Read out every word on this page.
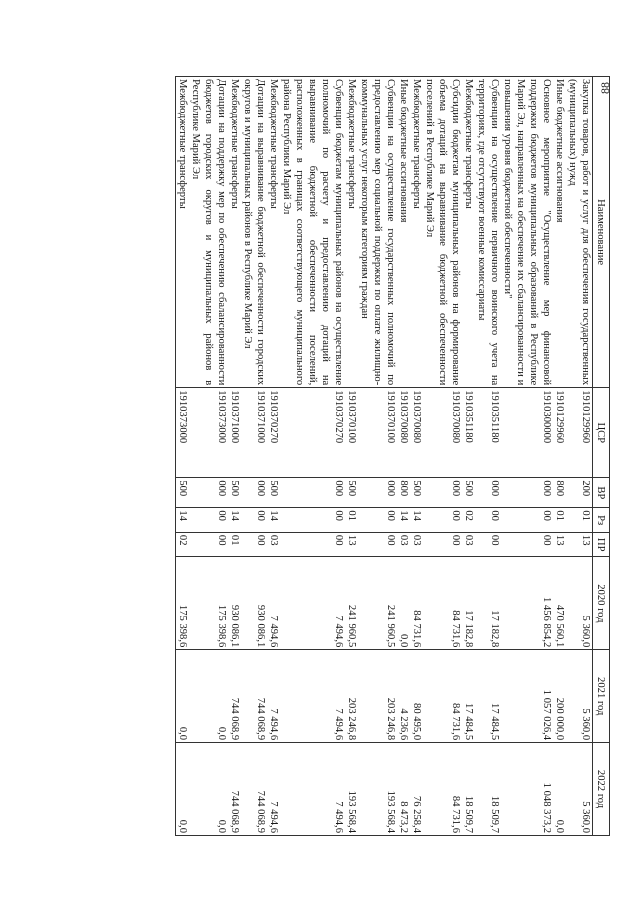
88
Наименование	ЦСР	ВР	Рз	ПР	2020 год	2021 год	2022 год
Закупка товаров, работ и услуг для обеспечения государственных (муниципальных) нужд	1910129960	200	01	13	5 360,0	5 360,0	5 360,0
Иные бюджетные ассигнования	1910129960	800	01	13	470 560,1	200 000,0	0,0
Основное мероприятие "Осуществление мер финансовой поддержки бюджетов муниципальных образований в Республике Марий Эл, направленных на обеспечение их сбалансированности и повышения уровня бюджетной обеспеченности"	1910300000	000	00	00	1 456 854,2	1 057 026,4	1 048 373,2
Субвенции на осуществление первичного воинского учета на территориях, где отсутствуют военные комиссариаты	1910351180	000	00	00	17 182,8	17 484,5	18 509,7
Межбюджетные трансферты	1910351180	500	02	03	17 182,8	17 484,5	18 509,7
Субсидии бюджетам муниципальных районов на формирование объема дотаций на выравнивание бюджетной обеспеченности поселений в Республике Марий Эл	1910370080	000	00	00	84 731,6	84 731,6	84 731,6
Межбюджетные трансферты	1910370080	500	14	03	84 731,6	80 495,0	76 258,4
Иные бюджетные ассигнования	1910370080	800	14	03	0,0	4 236,6	8 473,2
Субвенции на осуществление государственных полномочий по предоставлению мер социальной поддержки по оплате жилищно-коммунальных услуг некоторым категориям граждан	1910370100	000	00	00	241 960,5	203 246,8	193 568,4
Межбюджетные трансферты	1910370100	500	01	13	241 960,5	203 246,8	193 568,4
Субвенции бюджетам муниципальных районов на осуществление полномочий по расчету и предоставлению дотаций на выравнивание бюджетной обеспеченности поселений, расположенных в границах соответствующего муниципального района Республики Марий Эл	1910370270	000	00	00	7 494,6	7 494,6	7 494,6
Межбюджетные трансферты	1910370270	500	14	03	7 494,6	7 494,6	7 494,6
Дотации на выравнивание бюджетной обеспеченности городских округов и муниципальных районов в Республике Марий Эл	1910371000	000	00	00	930 086,1	744 068,9	744 068,9
Межбюджетные трансферты	1910371000	500	14	01	930 086,1	744 068,9	744 068,9
Дотации на поддержку мер по обеспечению сбалансированности бюджетов городских округов и муниципальных районов в Республике Марий Эл	1910373000	000	00	00	175 398,6	0,0	0,0
Межбюджетные трансферты	1910373000	500	14	02	175 398,6	0,0	0,0
